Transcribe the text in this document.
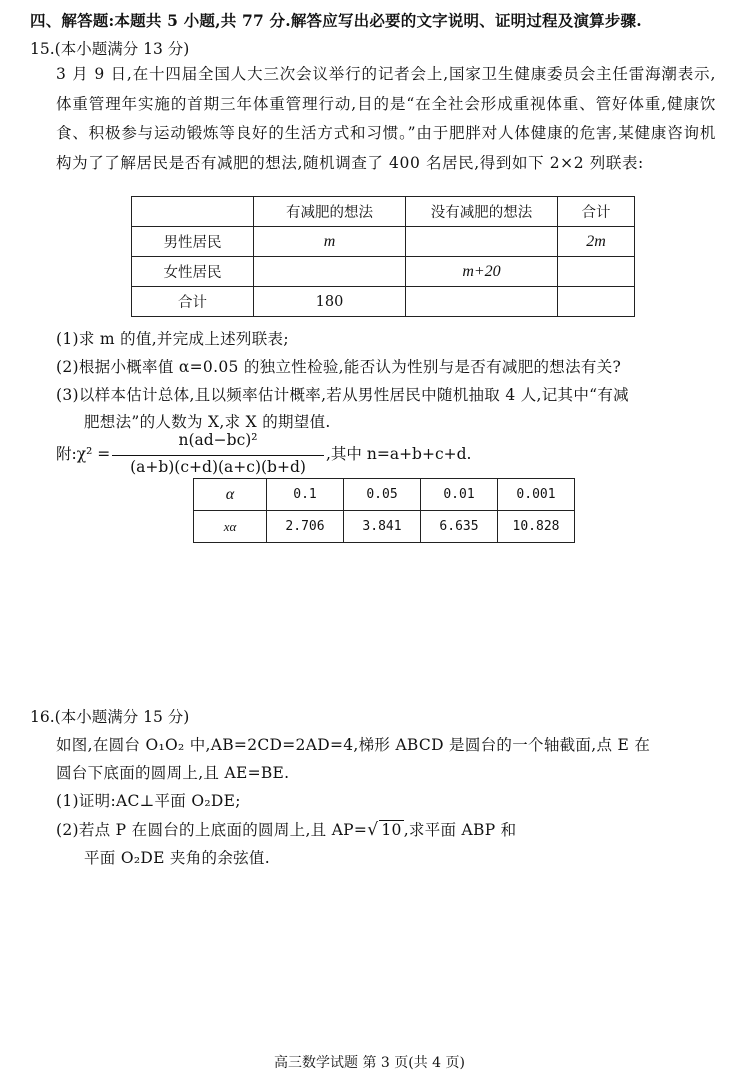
四、解答题:本题共 5 小题,共 77 分.解答应写出必要的文字说明、证明过程及演算步骤.
15.(本小题满分 13 分)
3 月 9 日,在十四届全国人大三次会议举行的记者会上,国家卫生健康委员会主任雷海潮表示,体重管理年实施的首期三年体重管理行动,目的是“在全社会形成重视体重、管好体重,健康饮食、积极参与运动锻炼等良好的生活方式和习惯。”由于肥胖对人体健康的危害,某健康咨询机构为了了解居民是否有减肥的想法,随机调查了 400 名居民,得到如下 2×2 列联表:
	有减肥的想法	没有减肥的想法	合计
男性居民	m		2m
女性居民		m+20	
合计	180		
(1)求 m 的值,并完成上述列联表;
(2)根据小概率值 α=0.05 的独立性检验,能否认为性别与是否有减肥的想法有关?
(3)以样本估计总体,且以频率估计概率,若从男性居民中随机抽取 4 人,记其中“有减
肥想法”的人数为 X,求 X 的期望值.
附:χ² =
n(ad−bc)²
(a+b)(c+d)(a+c)(b+d)
,其中 n=a+b+c+d.
α	0.1	0.05	0.01	0.001
xα	2.706	3.841	6.635	10.828
16.(本小题满分 15 分)
如图,在圆台 O₁O₂ 中,AB=2CD=2AD=4,梯形 ABCD 是圆台的一个轴截面,点 E 在
圆台下底面的圆周上,且 AE=BE.
(1)证明:AC⊥平面 O₂DE;
(2)若点 P 在圆台的上底面的圆周上,且 AP=√ 10 ,求平面 ABP 和
平面 O₂DE 夹角的余弦值.
高三数学试题 第 3 页(共 4 页)
